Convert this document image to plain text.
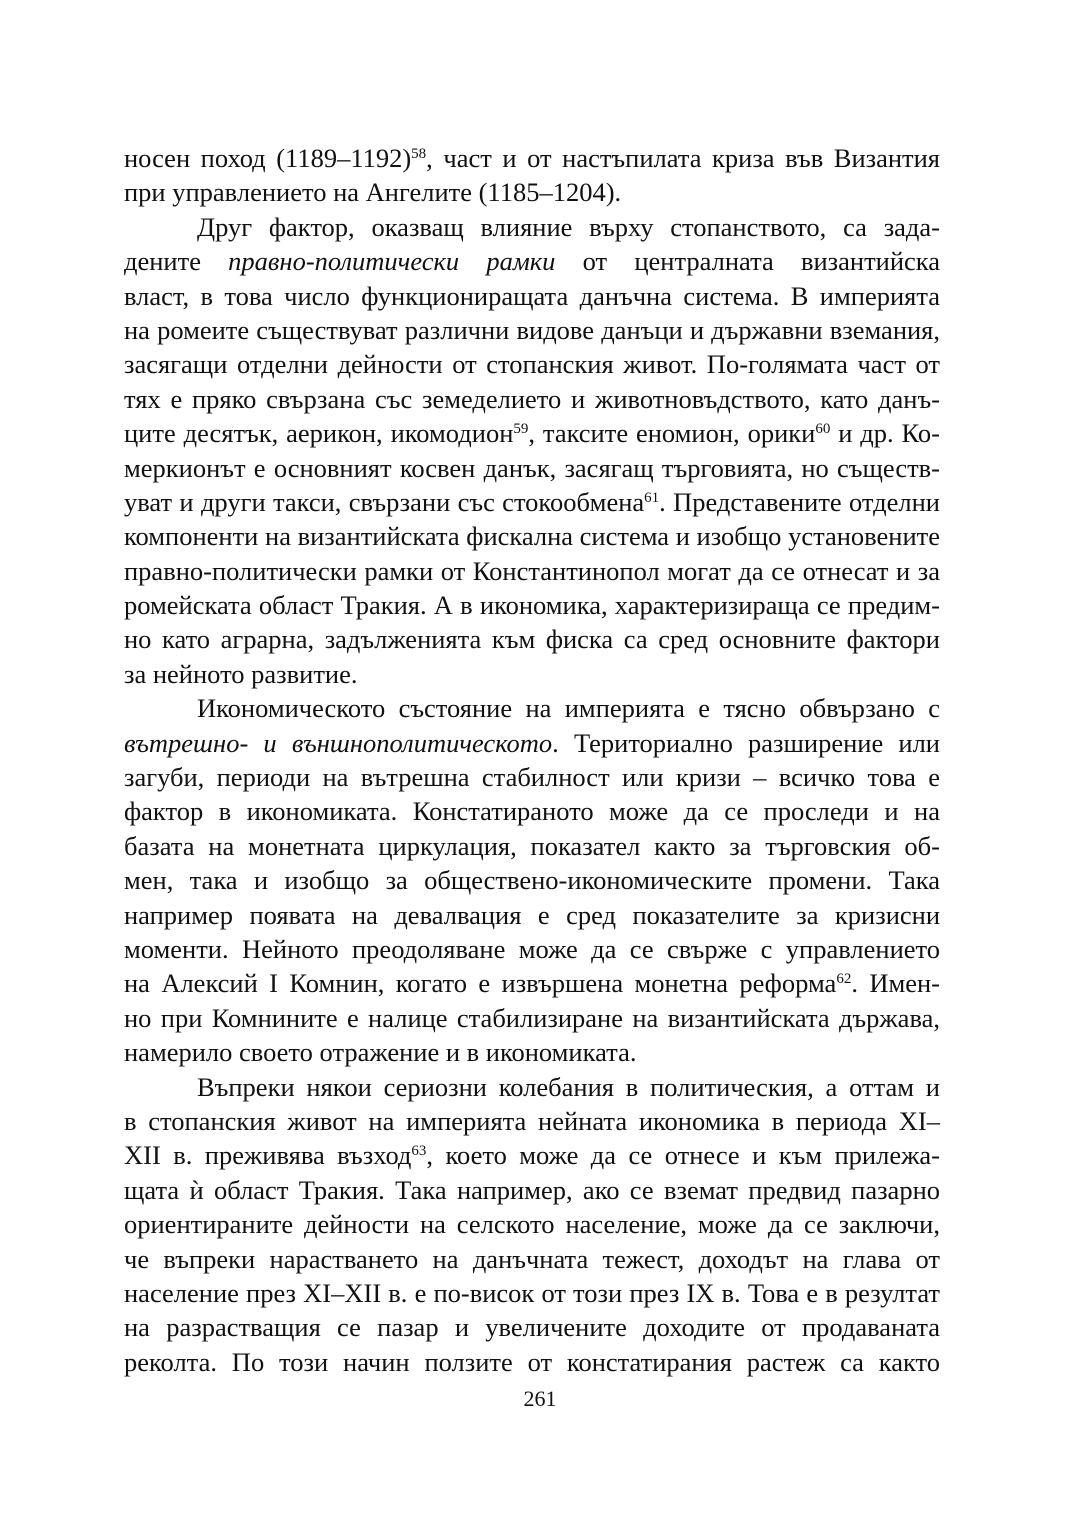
носен поход (1189–1192)$^{58}$, част и от настъпилата криза във Византия
при управлението на Ангелите (1185–1204).
Друг фактор, оказващ влияние върху стопанството, са зада-
дените правно-политически рамки от централната византийска
власт, в това число функциониращата данъчна система. В империята
на ромеите съществуват различни видове данъци и държавни вземания,
засягащи отделни дейности от стопанския живот. По-голямата част от
тях е пряко свързана със земеделието и животновъдството, като данъ-
ците десятък, аерикон, икомодион$^{59}$, таксите еномион, орики$^{60}$ и др. Ко-
меркионът е основният косвен данък, засягащ търговията, но съществ-
уват и други такси, свързани със стокообмена$^{61}$. Представените отделни
компоненти на византийската фискална система и изобщо установените
правно-политически рамки от Константинопол могат да се отнесат и за
ромейската област Тракия. А в икономика, характеризираща се предим-
но като аграрна, задълженията към фиска са сред основните фактори
за нейното развитие.
Икономическото състояние на империята е тясно обвързано с
вътрешно- и външнополитическото. Териториално разширение или
загуби, периоди на вътрешна стабилност или кризи – всичко това е
фактор в икономиката. Констатираното може да се проследи и на
базата на монетната циркулация, показател както за търговския об-
мен, така и изобщо за обществено-икономическите промени. Така
например появата на девалвация е сред показателите за кризисни
моменти. Нейното преодоляване може да се свърже с управлението
на Алексий I Комнин, когато е извършена монетна реформа$^{62}$. Имен-
но при Комнините е налице стабилизиране на византийската държава,
намерило своето отражение и в икономиката.
Въпреки някои сериозни колебания в политическия, а оттам и
в стопанския живот на империята нейната икономика в периода XI–
XII в. преживява възход$^{63}$, което може да се отнесе и към прилежа-
щата ѝ област Тракия. Така например, ако се вземат предвид пазарно
ориентираните дейности на селското население, може да се заключи,
че въпреки нарастването на данъчната тежест, доходът на глава от
население през XI–XII в. е по-висок от този през IX в. Това е в резултат
на разрастващия се пазар и увеличените доходите от продаваната
реколта. По този начин ползите от констатирания растеж са както
261
